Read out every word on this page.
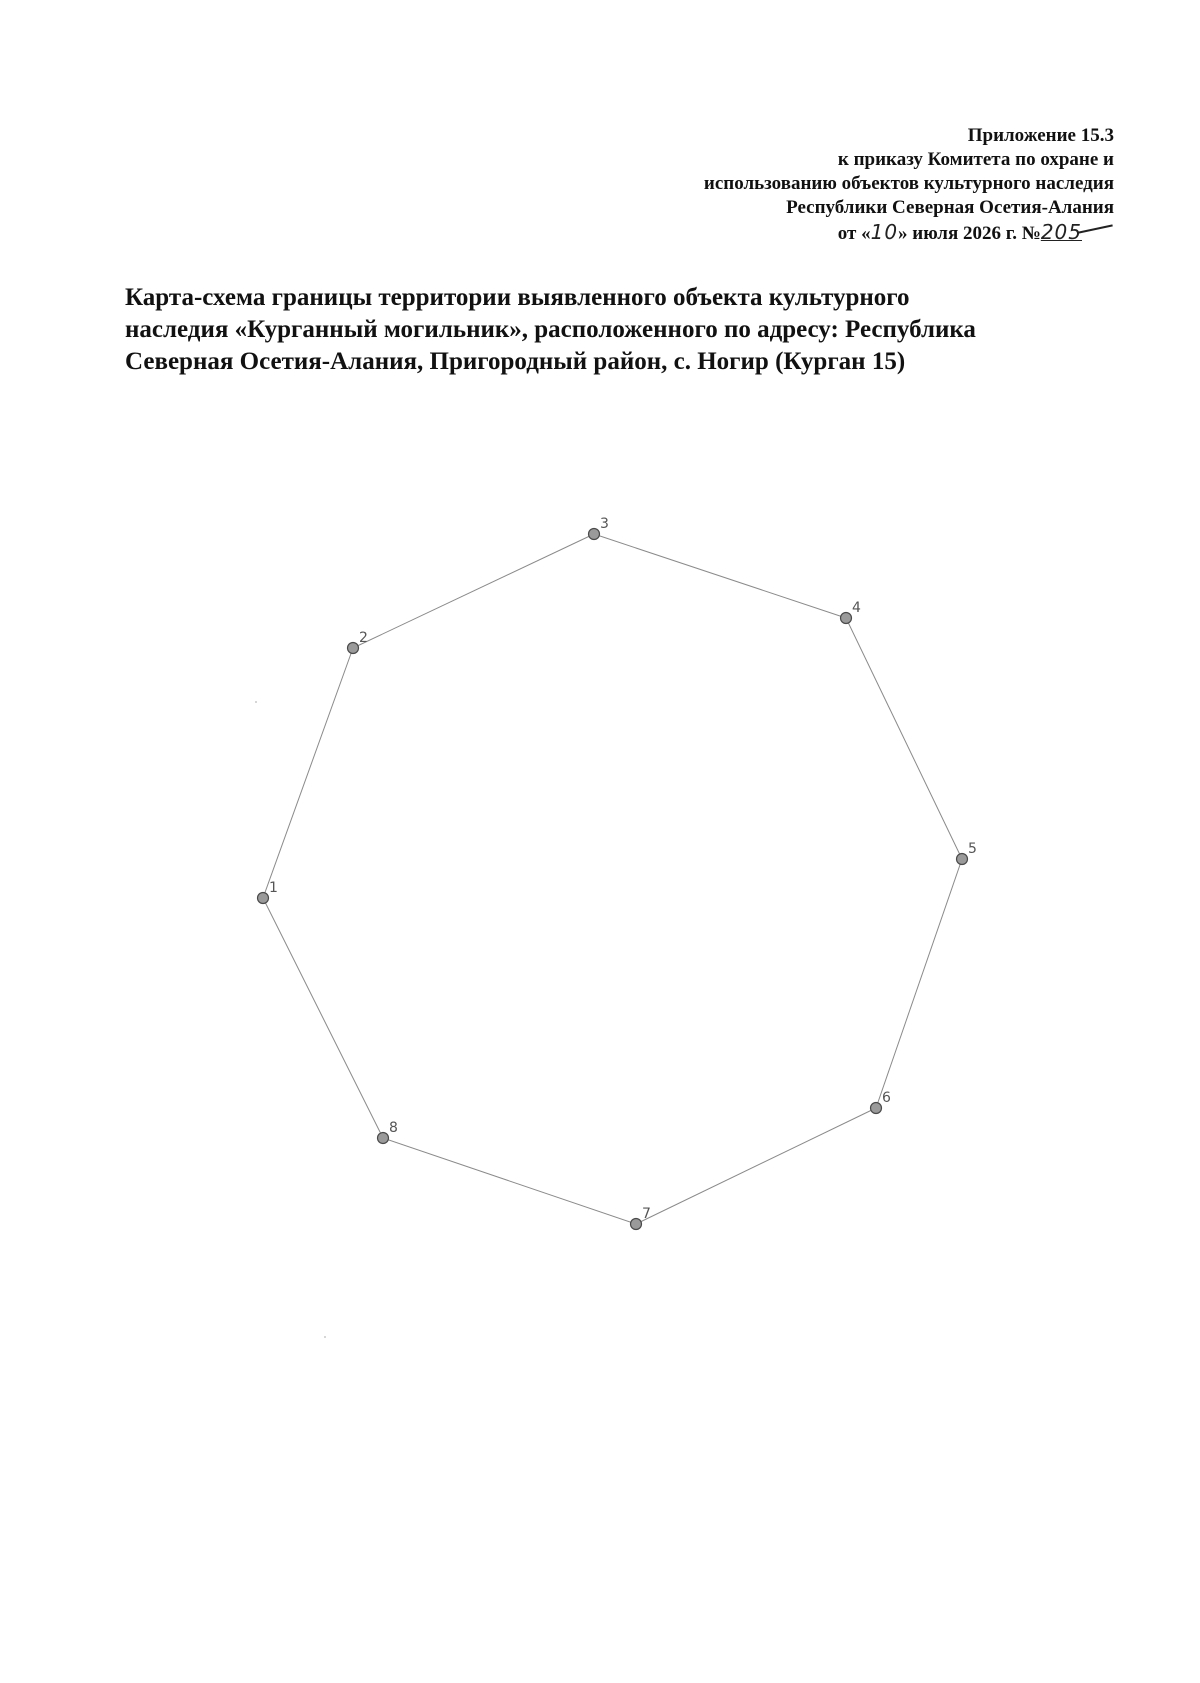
Приложение 15.3
к приказу Комитета по охране и
использованию объектов культурного наследия
Республики Северная Осетия-Алания
от «10» июля 2026 г. №205
Карта-схема границы территории выявленного объекта культурного
наследия «Курганный могильник», расположенного по адресу: Республика
Северная Осетия-Алания, Пригородный район, с. Ногир (Курган 15)
1
2
3
4
5
6
7
8
